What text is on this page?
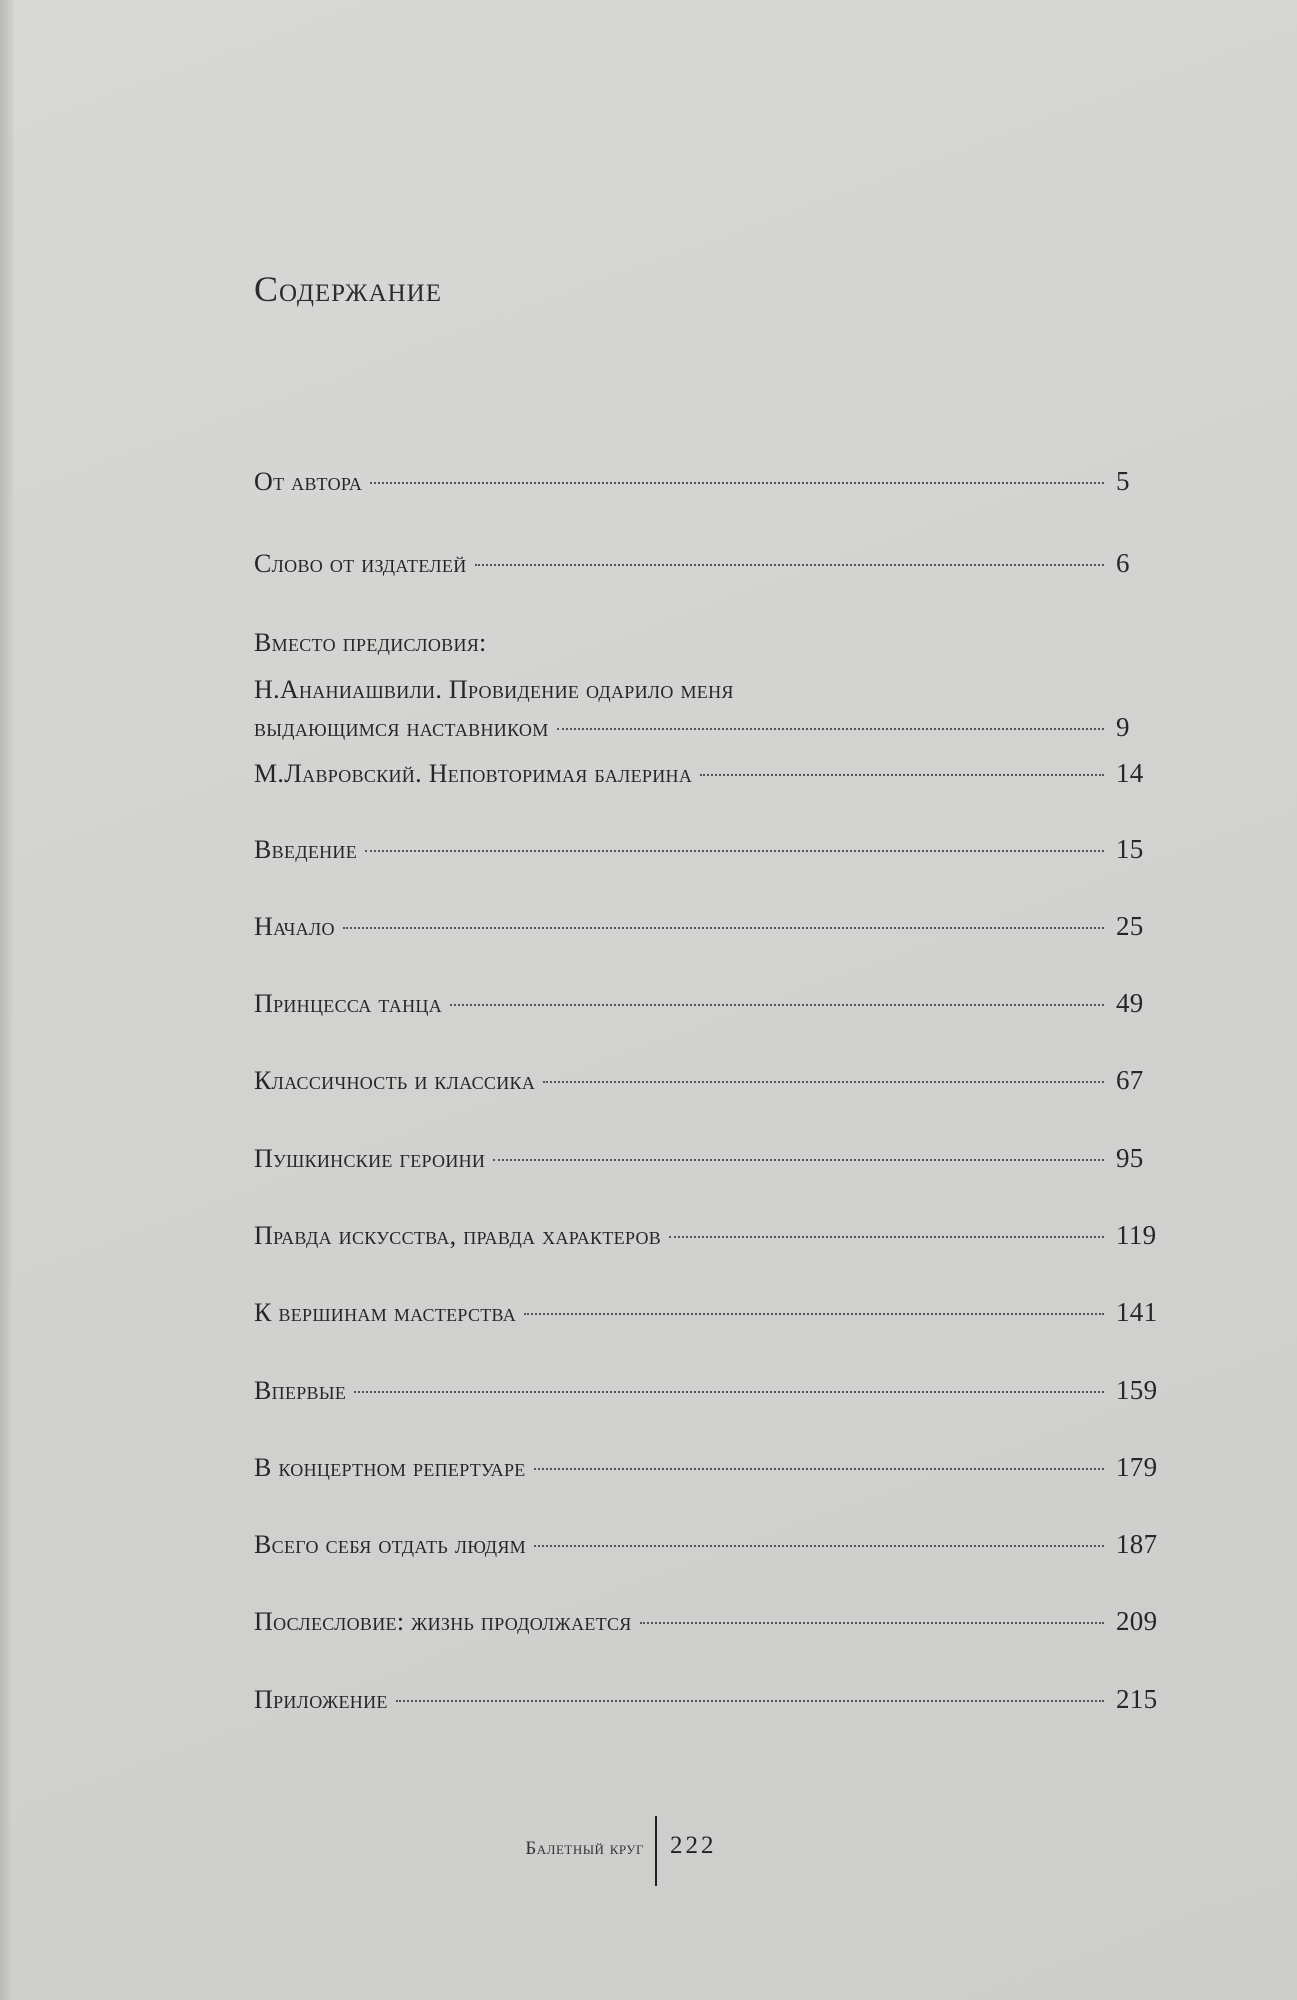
Содержание
От автора	5
Слово от издателей	6
Вместо предисловия:
Н.Ананиашвили. Провидение одарило меня
выдающимся наставником	9
М.Лавровский. Неповторимая балерина	14
Введение	15
Начало	25
Принцесса танца	49
Классичность и классика	67
Пушкинские героини	95
Правда искусства, правда характеров	119
К вершинам мастерства	141
Впервые	159
В концертном репертуаре	179
Всего себя отдать людям	187
Послесловие: жизнь продолжается	209
Приложение	215
Балетный круг 222
